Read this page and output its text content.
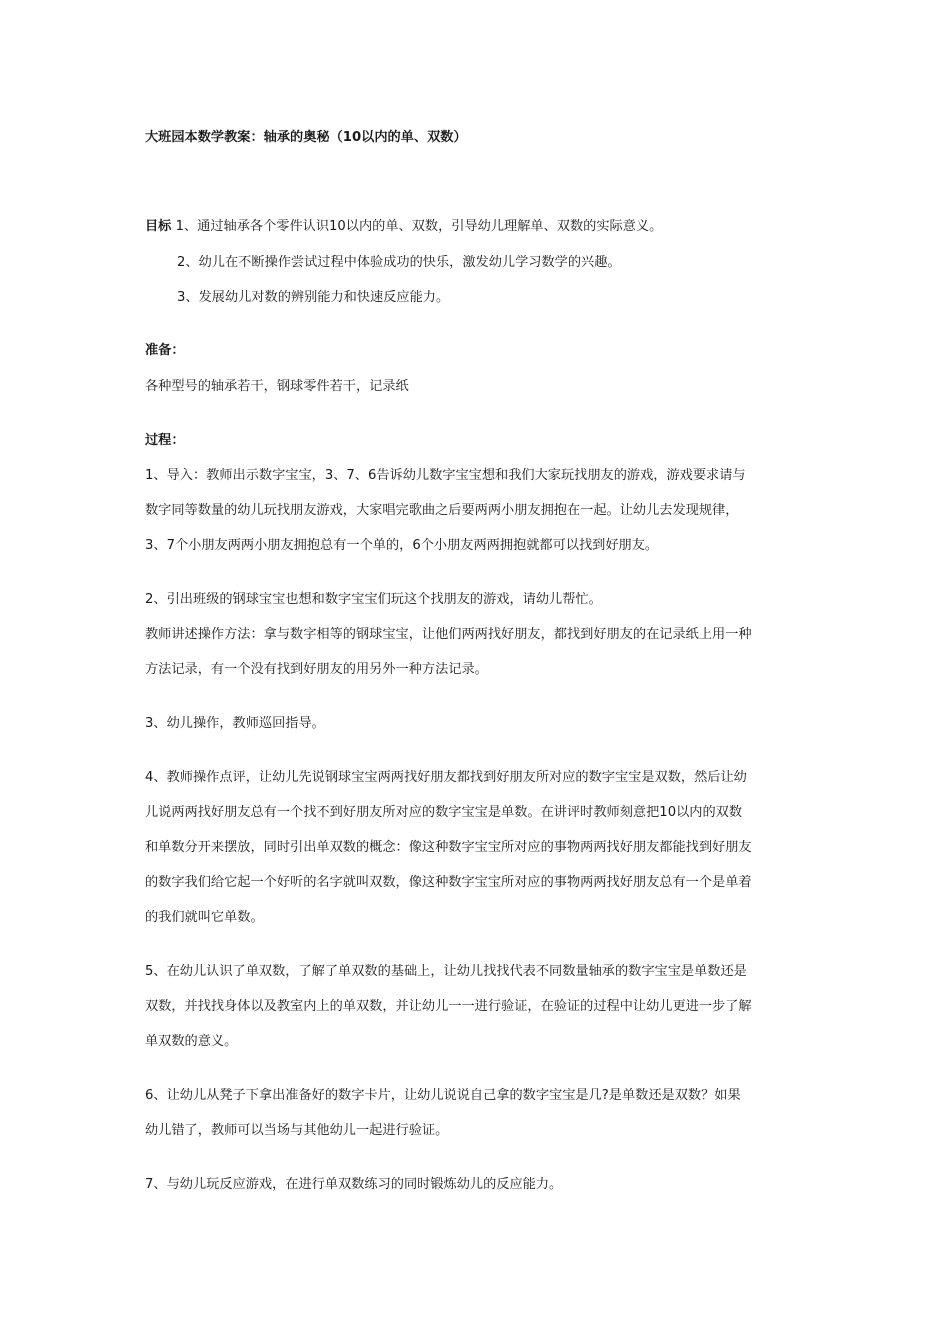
大班园本数学教案：轴承的奥秘（10以内的单、双数）
目标 1、通过轴承各个零件认识10以内的单、双数，引导幼儿理解单、双数的实际意义。
2、幼儿在不断操作尝试过程中体验成功的快乐，激发幼儿学习数学的兴趣。
3、发展幼儿对数的辨别能力和快速反应能力。
准备：
各种型号的轴承若干，钢球零件若干，记录纸
过程：
1、导入：教师出示数字宝宝，3、7、6告诉幼儿数字宝宝想和我们大家玩找朋友的游戏，游戏要求请与
数字同等数量的幼儿玩找朋友游戏，大家唱完歌曲之后要两两小朋友拥抱在一起。让幼儿去发现规律，
3、7个小朋友两两小朋友拥抱总有一个单的，6个小朋友两两拥抱就都可以找到好朋友。
2、引出班级的钢球宝宝也想和数字宝宝们玩这个找朋友的游戏，请幼儿帮忙。
教师讲述操作方法：拿与数字相等的钢球宝宝，让他们两两找好朋友，都找到好朋友的在记录纸上用一种
方法记录，有一个没有找到好朋友的用另外一种方法记录。
3、幼儿操作，教师巡回指导。
4、教师操作点评，让幼儿先说钢球宝宝两两找好朋友都找到好朋友所对应的数字宝宝是双数，然后让幼
儿说两两找好朋友总有一个找不到好朋友所对应的数字宝宝是单数。在讲评时教师刻意把10以内的双数
和单数分开来摆放，同时引出单双数的概念：像这种数字宝宝所对应的事物两两找好朋友都能找到好朋友
的数字我们给它起一个好听的名字就叫双数，像这种数字宝宝所对应的事物两两找好朋友总有一个是单着
的我们就叫它单数。
5、在幼儿认识了单双数，了解了单双数的基础上，让幼儿找找代表不同数量轴承的数字宝宝是单数还是
双数，并找找身体以及教室内上的单双数，并让幼儿一一进行验证，在验证的过程中让幼儿更进一步了解
单双数的意义。
6、让幼儿从凳子下拿出准备好的数字卡片，让幼儿说说自己拿的数字宝宝是几?是单数还是双数？如果
幼儿错了，教师可以当场与其他幼儿一起进行验证。
7、与幼儿玩反应游戏，在进行单双数练习的同时锻炼幼儿的反应能力。
